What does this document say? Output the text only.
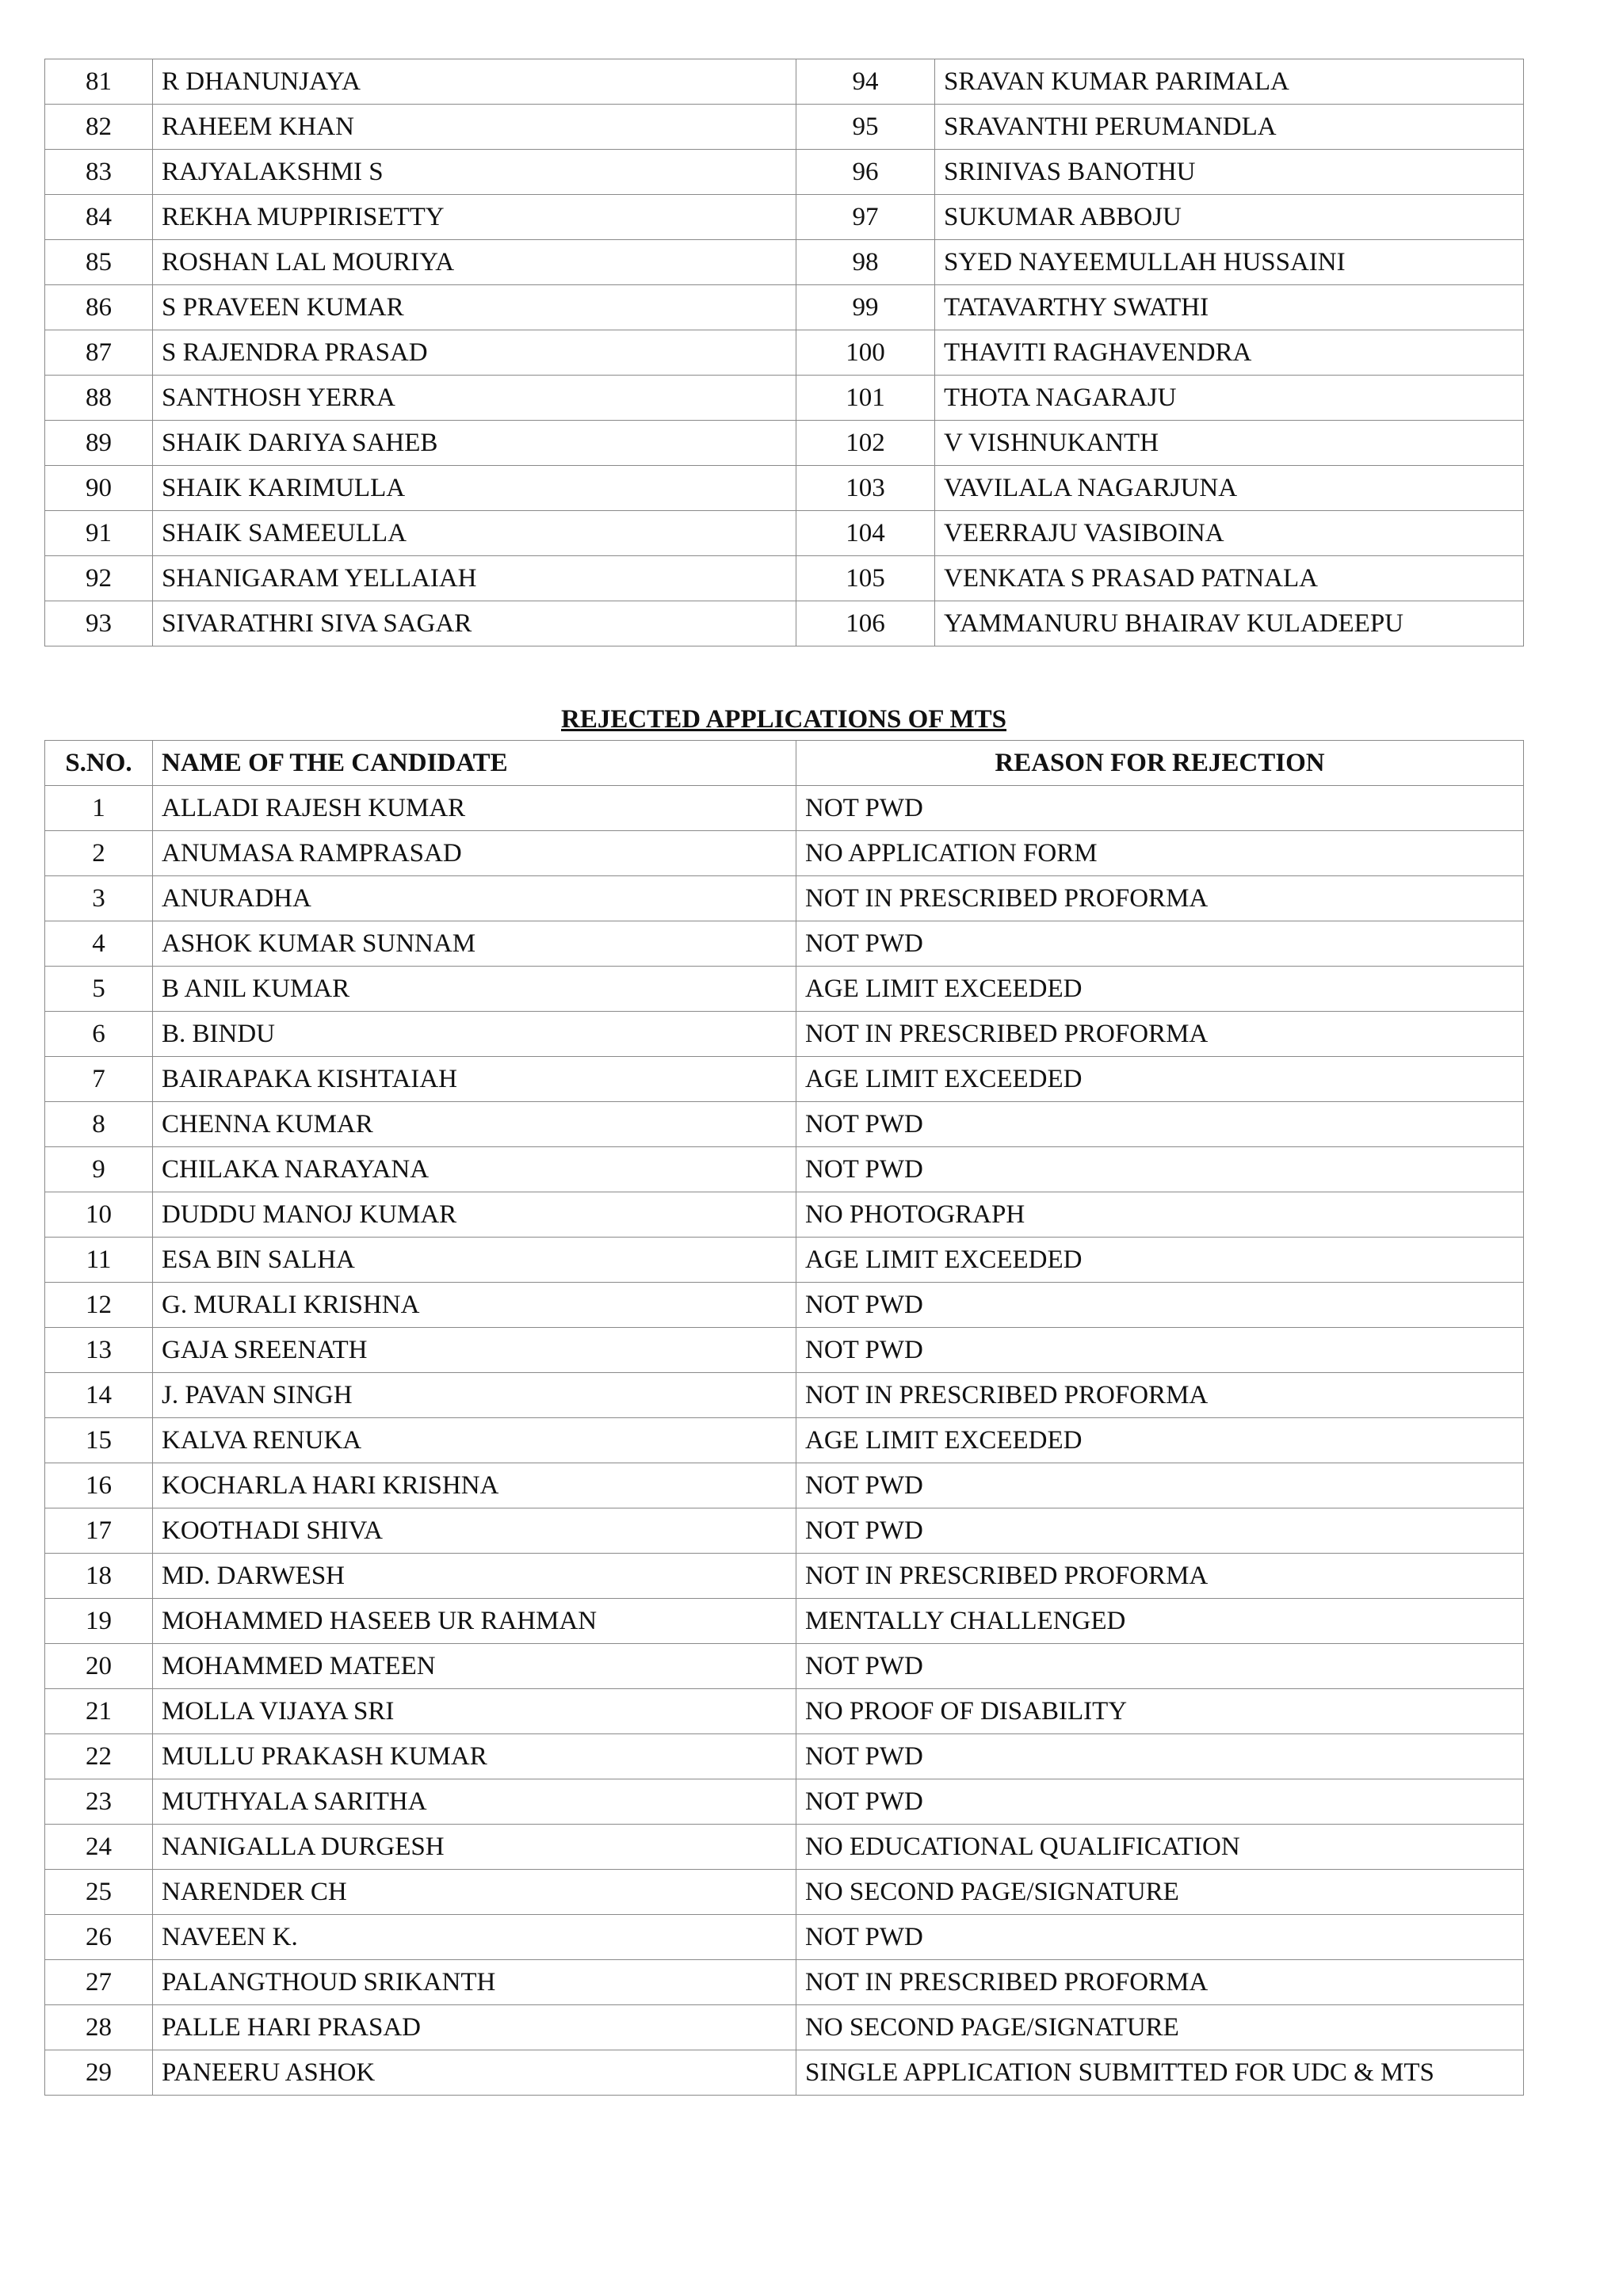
81	R DHANUNJAYA	94	SRAVAN KUMAR PARIMALA
82	RAHEEM KHAN	95	SRAVANTHI PERUMANDLA
83	RAJYALAKSHMI S	96	SRINIVAS BANOTHU
84	REKHA MUPPIRISETTY	97	SUKUMAR ABBOJU
85	ROSHAN LAL MOURIYA	98	SYED NAYEEMULLAH HUSSAINI
86	S PRAVEEN KUMAR	99	TATAVARTHY SWATHI
87	S RAJENDRA PRASAD	100	THAVITI RAGHAVENDRA
88	SANTHOSH YERRA	101	THOTA NAGARAJU
89	SHAIK DARIYA SAHEB	102	V VISHNUKANTH
90	SHAIK KARIMULLA	103	VAVILALA NAGARJUNA
91	SHAIK SAMEEULLA	104	VEERRAJU VASIBOINA
92	SHANIGARAM YELLAIAH	105	VENKATA S PRASAD PATNALA
93	SIVARATHRI SIVA SAGAR	106	YAMMANURU BHAIRAV KULADEEPU
REJECTED APPLICATIONS OF MTS
S.NO.	NAME OF THE CANDIDATE	REASON FOR REJECTION
1	ALLADI RAJESH KUMAR	NOT PWD
2	ANUMASA RAMPRASAD	NO APPLICATION FORM
3	ANURADHA	NOT IN PRESCRIBED PROFORMA
4	ASHOK KUMAR SUNNAM	NOT PWD
5	B ANIL KUMAR	AGE LIMIT EXCEEDED
6	B. BINDU	NOT IN PRESCRIBED PROFORMA
7	BAIRAPAKA KISHTAIAH	AGE LIMIT EXCEEDED
8	CHENNA KUMAR	NOT PWD
9	CHILAKA NARAYANA	NOT PWD
10	DUDDU MANOJ KUMAR	NO PHOTOGRAPH
11	ESA BIN SALHA	AGE LIMIT EXCEEDED
12	G. MURALI KRISHNA	NOT PWD
13	GAJA SREENATH	NOT PWD
14	J. PAVAN SINGH	NOT IN PRESCRIBED PROFORMA
15	KALVA RENUKA	AGE LIMIT EXCEEDED
16	KOCHARLA HARI KRISHNA	NOT PWD
17	KOOTHADI SHIVA	NOT PWD
18	MD. DARWESH	NOT IN PRESCRIBED PROFORMA
19	MOHAMMED HASEEB UR RAHMAN	MENTALLY CHALLENGED
20	MOHAMMED MATEEN	NOT PWD
21	MOLLA VIJAYA SRI	NO PROOF OF DISABILITY
22	MULLU PRAKASH KUMAR	NOT PWD
23	MUTHYALA SARITHA	NOT PWD
24	NANIGALLA DURGESH	NO EDUCATIONAL QUALIFICATION
25	NARENDER CH	NO SECOND PAGE/SIGNATURE
26	NAVEEN K.	NOT PWD
27	PALANGTHOUD SRIKANTH	NOT IN PRESCRIBED PROFORMA
28	PALLE HARI PRASAD	NO SECOND PAGE/SIGNATURE
29	PANEERU ASHOK	SINGLE APPLICATION SUBMITTED FOR UDC & MTS
